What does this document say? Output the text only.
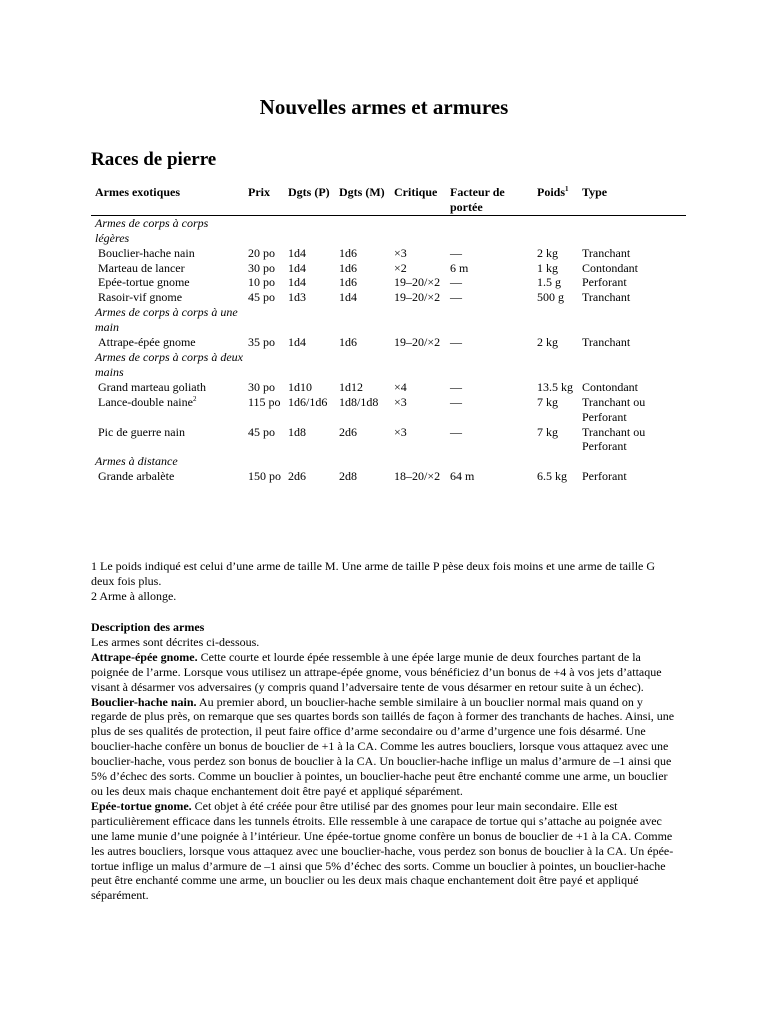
Nouvelles armes et armures
Races de pierre
Armes exotiques	Prix	Dgts (P)	Dgts (M)	Critique	Facteur de portée	Poids$^1$	Type
Armes de corps à corps légères							
Bouclier-hache nain	20 po	1d4	1d6	×3	—	2 kg	Tranchant
Marteau de lancer	30 po	1d4	1d6	×2	6 m	1 kg	Contondant
Epée-tortue gnome	10 po	1d4	1d6	19–20/×2	—	1.5 g	Perforant
Rasoir-vif gnome	45 po	1d3	1d4	19–20/×2	—	500 g	Tranchant
Armes de corps à corps à une main							
Attrape-épée gnome	35 po	1d4	1d6	19–20/×2	—	2 kg	Tranchant
Armes de corps à corps à deux mains							
Grand marteau goliath	30 po	1d10	1d12	×4	—	13.5 kg	Contondant
Lance-double naine$^2$	115 po	1d6/1d6	1d8/1d8	×3	—	7 kg	Tranchant ou Perforant
Pic de guerre nain	45 po	1d8	2d6	×3	—	7 kg	Tranchant ou Perforant
Armes à distance							
Grande arbalète	150 po	2d6	2d8	18–20/×2	64 m	6.5 kg	Perforant

1 Le poids indiqué est celui d’une arme de taille M. Une arme de taille P pèse deux fois moins et une arme de taille G deux fois plus.

2 Arme à allonge.

Description des armes

Les armes sont décrites ci-dessous.

Attrape-épée gnome. Cette courte et lourde épée ressemble à une épée large munie de deux fourches partant de la poignée de l’arme. Lorsque vous utilisez un attrape-épée gnome, vous bénéficiez d’un bonus de +4 à vos jets d’attaque visant à désarmer vos adversaires (y compris quand l’adversaire tente de vous désarmer en retour suite à un échec).

Bouclier-hache nain. Au premier abord, un bouclier-hache semble similaire à un bouclier normal mais quand on y regarde de plus près, on remarque que ses quartes bords son taillés de façon à former des tranchants de haches. Ainsi, une plus de ses qualités de protection, il peut faire office d’arme secondaire ou d’arme d’urgence une fois désarmé. Une bouclier-hache confère un bonus de bouclier de +1 à la CA. Comme les autres boucliers, lorsque vous attaquez avec une bouclier-hache, vous perdez son bonus de bouclier à la CA. Un bouclier-hache inflige un malus d’armure de –1 ainsi que 5% d’échec des sorts. Comme un bouclier à pointes, un bouclier-hache peut être enchanté comme une arme, un bouclier ou les deux mais chaque enchantement doit être payé et appliqué séparément.

Epée-tortue gnome. Cet objet à été créée pour être utilisé par des gnomes pour leur main secondaire. Elle est particulièrement efficace dans les tunnels étroits. Elle ressemble à une carapace de tortue qui s’attache au poignée avec une lame munie d’une poignée à l’intérieur. Une épée-tortue gnome confère un bonus de bouclier de +1 à la CA. Comme les autres boucliers, lorsque vous attaquez avec une bouclier-hache, vous perdez son bonus de bouclier à la CA. Un épée-tortue inflige un malus d’armure de –1 ainsi que 5% d’échec des sorts. Comme un bouclier à pointes, un bouclier-hache peut être enchanté comme une arme, un bouclier ou les deux mais chaque enchantement doit être payé et appliqué séparément.
